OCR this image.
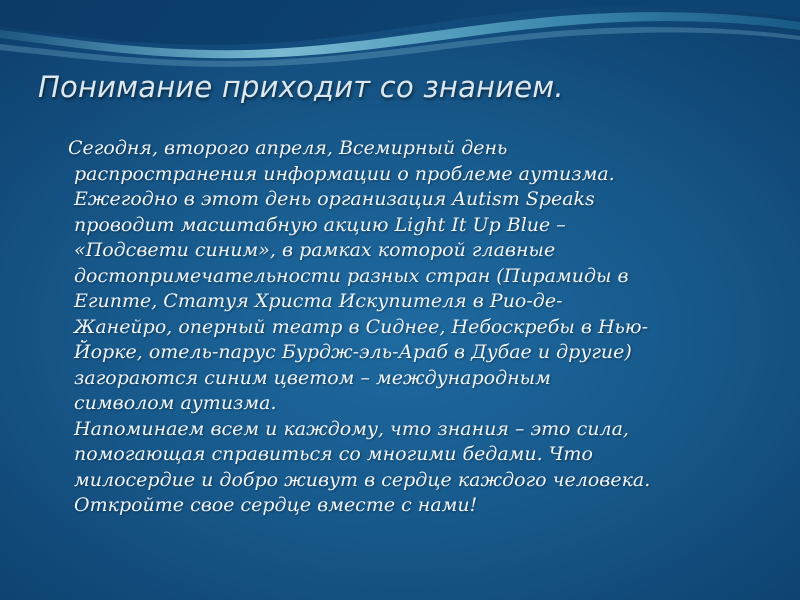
Понимание приходит со знанием.
Сегодня, второго апреля, Всемирный день
распространения информации о проблеме аутизма.
Ежегодно в этот день организация Autism Speaks
проводит масштабную акцию Light It Up Blue –
«Подсвети синим», в рамках которой главные
достопримечательности разных стран (Пирамиды в
Египте, Статуя Христа Искупителя в Рио-де-
Жанейро, оперный театр в Сиднее, Небоскребы в Нью-
Йорке, отель-парус Бурдж-эль-Араб в Дубае и другие)
загораются синим цветом – международным
символом аутизма.
Напоминаем всем и каждому, что знания – это сила,
помогающая справиться со многими бедами. Что
милосердие и добро живут в сердце каждого человека.
Откройте свое сердце вместе с нами!
